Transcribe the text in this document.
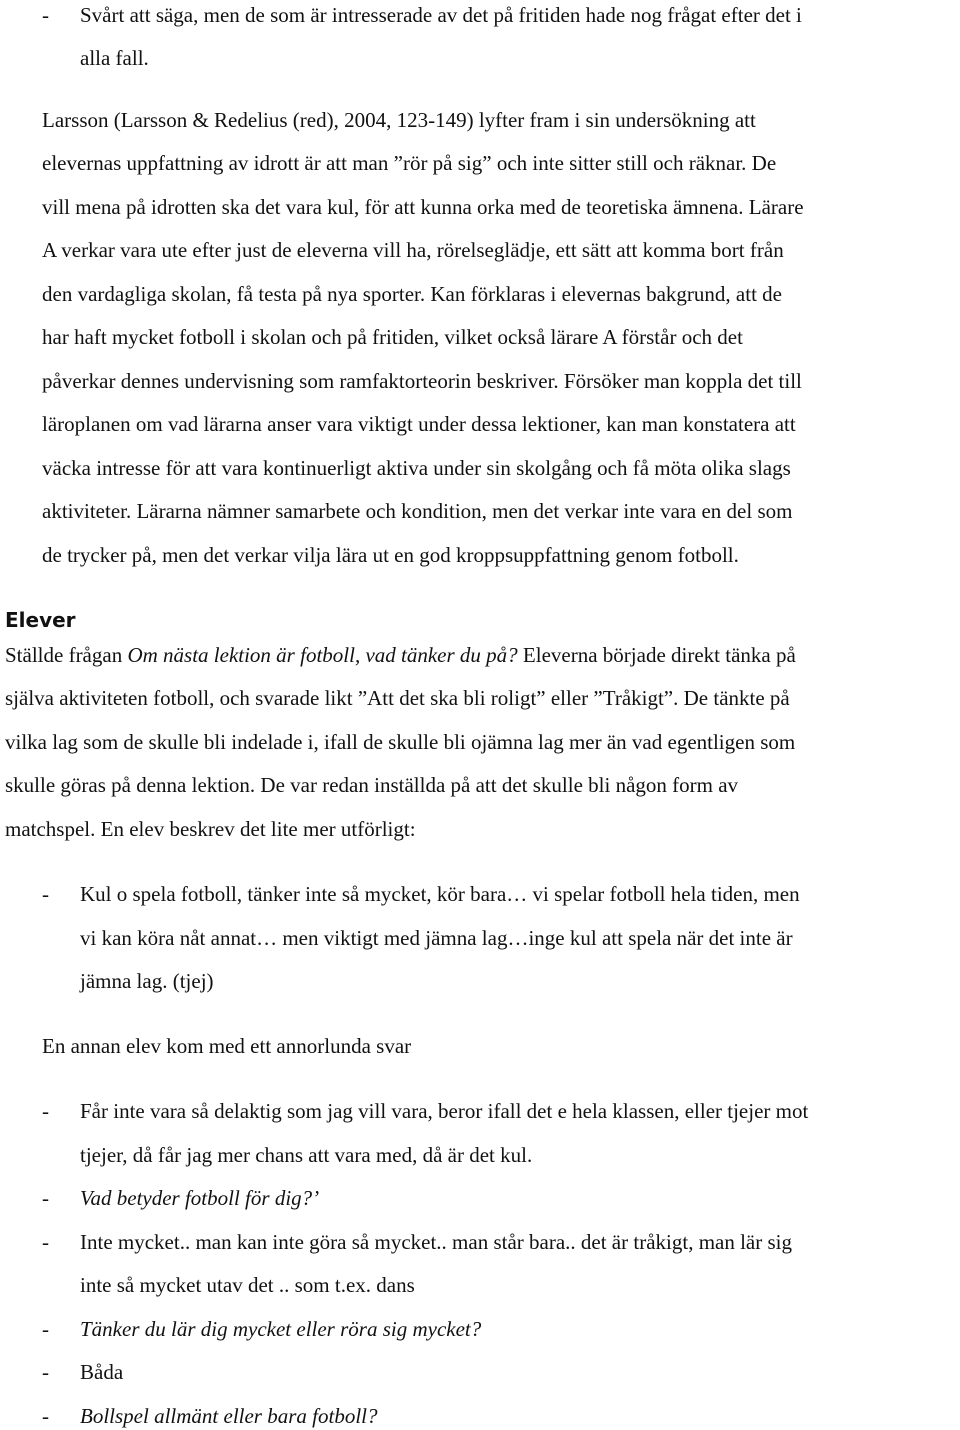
- Svårt att säga, men de som är intresserade av det på fritiden hade nog frågat efter det i
alla fall.
Larsson (Larsson & Redelius (red), 2004, 123-149) lyfter fram i sin undersökning att
elevernas uppfattning av idrott är att man ”rör på sig” och inte sitter still och räknar. De
vill mena på idrotten ska det vara kul, för att kunna orka med de teoretiska ämnena. Lärare
A verkar vara ute efter just de eleverna vill ha, rörelseglädje, ett sätt att komma bort från
den vardagliga skolan, få testa på nya sporter. Kan förklaras i elevernas bakgrund, att de
har haft mycket fotboll i skolan och på fritiden, vilket också lärare A förstår och det
påverkar dennes undervisning som ramfaktorteorin beskriver. Försöker man koppla det till
läroplanen om vad lärarna anser vara viktigt under dessa lektioner, kan man konstatera att
väcka intresse för att vara kontinuerligt aktiva under sin skolgång och få möta olika slags
aktiviteter. Lärarna nämner samarbete och kondition, men det verkar inte vara en del som
de trycker på, men det verkar vilja lära ut en god kroppsuppfattning genom fotboll.
Elever
Ställde frågan Om nästa lektion är fotboll, vad tänker du på? Eleverna började direkt tänka på
själva aktiviteten fotboll, och svarade likt ”Att det ska bli roligt” eller ”Tråkigt”. De tänkte på
vilka lag som de skulle bli indelade i, ifall de skulle bli ojämna lag mer än vad egentligen som
skulle göras på denna lektion. De var redan inställda på att det skulle bli någon form av
matchspel. En elev beskrev det lite mer utförligt:
- Kul o spela fotboll, tänker inte så mycket, kör bara… vi spelar fotboll hela tiden, men
vi kan köra nåt annat… men viktigt med jämna lag…inge kul att spela när det inte är
jämna lag. (tjej)
En annan elev kom med ett annorlunda svar
- Får inte vara så delaktig som jag vill vara, beror ifall det e hela klassen, eller tjejer mot
tjejer, då får jag mer chans att vara med, då är det kul.
- Vad betyder fotboll för dig?’
- Inte mycket.. man kan inte göra så mycket.. man står bara.. det är tråkigt, man lär sig
inte så mycket utav det .. som t.ex. dans
- Tänker du lär dig mycket eller röra sig mycket?
- Båda
- Bollspel allmänt eller bara fotboll?
